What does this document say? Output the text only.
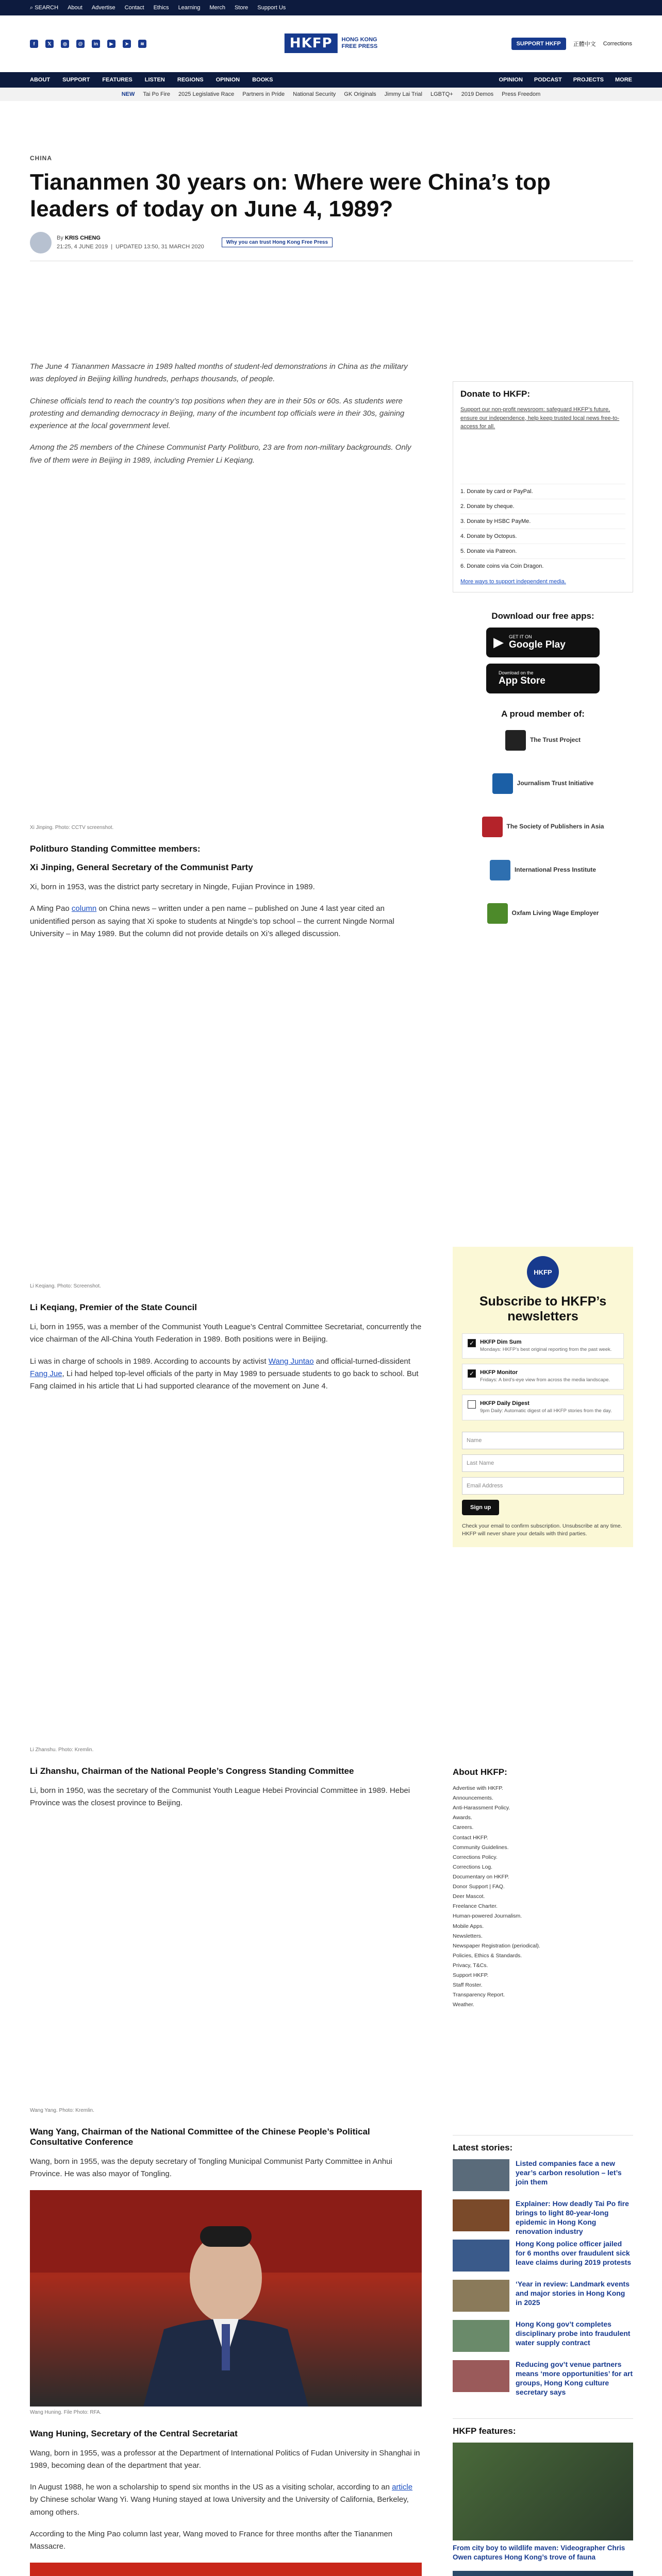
⌕ SEARCH About Advertise Contact Ethics Learning Merch Store Support Us
f	𝕏	◎	@	in	▶	➤	≋	HKFP	HONG KONG
FREE PRESS	SUPPORT HKFP	正體中文 Corrections
ABOUT SUPPORT FEATURES LISTEN REGIONS OPINION BOOKS	OPINION PODCAST PROJECTS MORE
NEW Tai Po Fire 2025 Legislative Race Partners in Pride National Security GK Originals Jimmy Lai Trial LGBTQ+ 2019 Demos Press Freedom
CHINA
Tiananmen 30 years on: Where were China’s top leaders of today on June 4, 1989?
By KRIS CHENG
21:25, 4 JUNE 2019  |  UPDATED 13:50, 31 MARCH 2020
Why you can trust Hong Kong Free Press

The June 4 Tiananmen Massacre in 1989 halted months of student-led demonstrations in China as the military was deployed in Beijing killing hundreds, perhaps thousands, of people.

Chinese officials tend to reach the country’s top positions when they are in their 50s or 60s. As students were protesting and demanding democracy in Beijing, many of the incumbent top officials were in their 30s, gaining experience at the local government level.

Among the 25 members of the Chinese Communist Party Politburo, 23 are from non-military backgrounds. Only five of them were in Beijing in 1989, including Premier Li Keqiang.

Xi Jinping. Photo: CCTV screenshot.
Politburo Standing Committee members:
Xi Jinping, General Secretary of the Communist Party

Xi, born in 1953, was the district party secretary in Ningde, Fujian Province in 1989.

A Ming Pao column on China news – written under a pen name – published on June 4 last year cited an unidentified person as saying that Xi spoke to students at Ningde’s top school – the current Ningde Normal University – in May 1989. But the column did not provide details on Xi’s alleged discussion.

Li Keqiang. Photo: Screenshot.
Li Keqiang, Premier of the State Council

Li, born in 1955, was a member of the Communist Youth League’s Central Committee Secretariat, concurrently the vice chairman of the All-China Youth Federation in 1989. Both positions were in Beijing.

Li was in charge of schools in 1989. According to accounts by activist Wang Juntao and official-turned-dissident Fang Jue, Li had helped top-level officials of the party in May 1989 to persuade students to go back to school. But Fang claimed in his article that Li had supported clearance of the movement on June 4.

Li Zhanshu. Photo: Kremlin.
Li Zhanshu, Chairman of the National People’s Congress Standing Committee

Li, born in 1950, was the secretary of the Communist Youth League Hebei Provincial Committee in 1989. Hebei Province was the closest province to Beijing.

Wang Yang. Photo: Kremlin.
Wang Yang, Chairman of the National Committee of the Chinese People’s Political Consultative Conference

Wang, born in 1955, was the deputy secretary of Tongling Municipal Communist Party Committee in Anhui Province. He was also mayor of Tongling.

Wang Huning. File Photo: RFA.
Wang Huning, Secretary of the Central Secretariat

Wang, born in 1955, was a professor at the Department of International Politics of Fudan University in Shanghai in 1989, becoming dean of the department that year.

In August 1988, he won a scholarship to spend six months in the US as a visiting scholar, according to an article by Chinese scholar Wang Yi. Wang Huning stayed at Iowa University and the University of California, Berkeley, among others.

According to the Ming Pao column last year, Wang moved to France for three months after the Tiananmen Massacre.

Donate to HKFP:
Support our non-profit newsroom: safeguard HKFP’s future, ensure our independence, help keep trusted local news free-to-access for all.
1. Donate by card or PayPal.
2. Donate by cheque.
3. Donate by HSBC PayMe.
4. Donate by Octopus.
5. Donate via Patreon.
6. Donate coins via Coin Dragon.
More ways to support independent media.
Download our free apps:
▶ GET IT ON
Google Play
Download on the
App Store
A proud member of:
The Trust Project
Journalism Trust Initiative
The Society of Publishers in Asia
International Press Institute
Oxfam Living Wage Employer
HKFP
Subscribe to HKFP’s newsletters
✓ HKFP Dim Sum
Mondays: HKFP’s best original reporting from the past week.
✓ HKFP Monitor
Fridays: A bird’s-eye view from across the media landscape.
HKFP Daily Digest
9pm Daily: Automatic digest of all HKFP stories from the day.
Name
Last Name
Email Address
Sign up
Check your email to confirm subscription. Unsubscribe at any time. HKFP will never share your details with third parties.
About HKFP:
Advertise with HKFP.
Announcements.
Anti-Harassment Policy.
Awards.
Careers.
Contact HKFP.
Community Guidelines.
Corrections Policy.
Corrections Log.
Documentary on HKFP.
Donor Support | FAQ.
Deer Mascot.
Freelance Charter.
Human-powered Journalism.
Mobile Apps.
Newsletters.
Newspaper Registration (periodical).
Policies, Ethics & Standards.
Privacy, T&Cs.
Support HKFP.
Staff Roster.
Transparency Report.
Weather.
Latest stories:
Listed companies face a new year’s carbon resolution – let’s join them
Explainer: How deadly Tai Po fire brings to light 80-year-long epidemic in Hong Kong renovation industry
Hong Kong police officer jailed for 6 months over fraudulent sick leave claims during 2019 protests
‘Year in review: Landmark events and major stories in Hong Kong in 2025
Hong Kong gov’t completes disciplinary probe into fraudulent water supply contract
Reducing gov’t venue partners means ‘more opportunities’ for art groups, Hong Kong culture secretary says
HKFP features:
From city boy to wildlife maven: Videographer Chris Owen captures Hong Kong’s trove of fauna
